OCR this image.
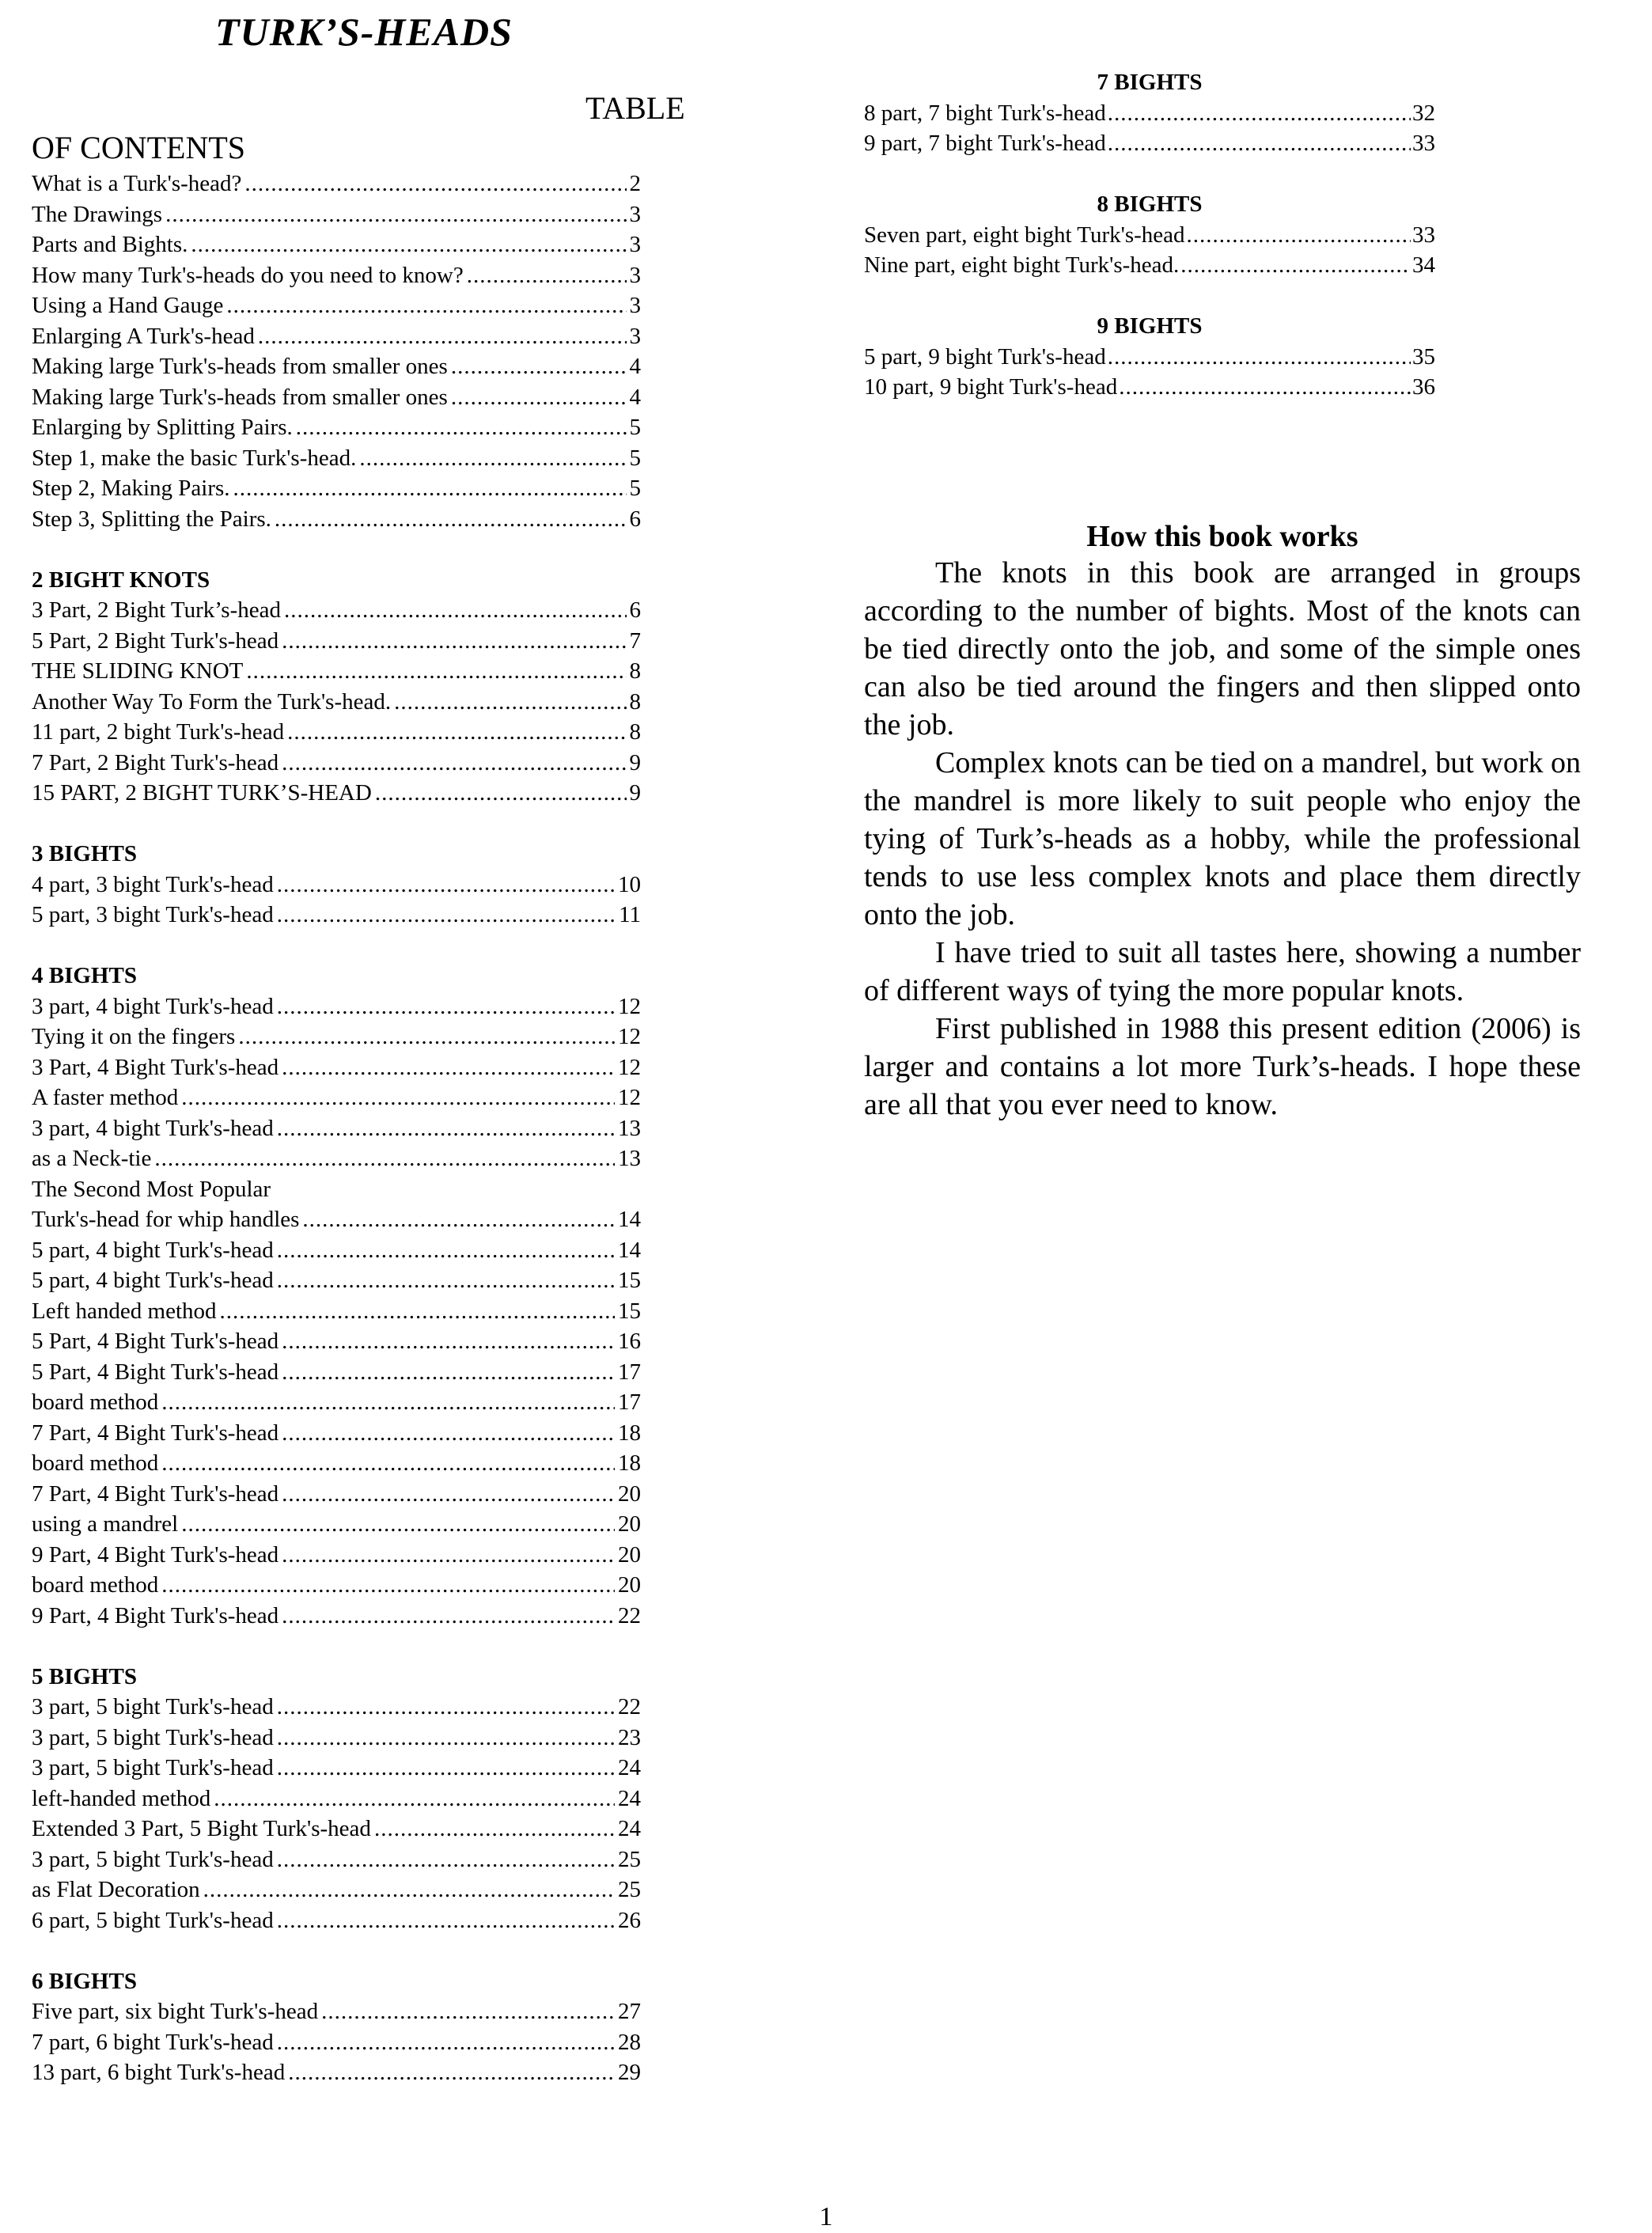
TURK’S-HEADS
TABLE
OF CONTENTS
What is a Turk's-head? .....	2
The Drawings .....	3
Parts and Bights. .....	3
How many Turk's-heads do you need to know? .....	3
Using a Hand Gauge .....	3
Enlarging A Turk's-head .....	3
Making large Turk's-heads from smaller ones .....	4
Making large Turk's-heads from smaller ones .....	4
Enlarging by Splitting Pairs. .....	5
Step 1, make the basic Turk's-head. .....	5
Step 2, Making Pairs. .....	5
Step 3, Splitting the Pairs. .....	6
2 BIGHT KNOTS
3 Part, 2 Bight Turk’s-head .....	6
5 Part, 2 Bight Turk's-head .....	7
THE SLIDING KNOT .....	8
Another Way To Form the Turk's-head. .....	8
11 part, 2 bight Turk's-head .....	8
7 Part, 2 Bight Turk's-head .....	9
15 PART, 2 BIGHT TURK’S-HEAD .....	9
3 BIGHTS
4 part, 3 bight Turk's-head .....	10
5 part, 3 bight Turk's-head .....	11
4 BIGHTS
3 part, 4 bight Turk's-head .....	12
Tying it on the fingers .....	12
3 Part, 4 Bight Turk's-head .....	12
A faster method .....	12
3 part, 4 bight Turk's-head .....	13
as a Neck-tie .....	13
The Second Most Popular
Turk's-head for whip handles .....	14
5 part, 4 bight Turk's-head .....	14
5 part, 4 bight Turk's-head .....	15
Left handed method .....	15
5 Part, 4 Bight Turk's-head .....	16
5 Part, 4 Bight Turk's-head .....	17
board method .....	17
7 Part, 4 Bight Turk's-head .....	18
board method .....	18
7 Part, 4 Bight Turk's-head .....	20
using a mandrel .....	20
9 Part, 4 Bight Turk's-head .....	20
board method .....	20
9 Part, 4 Bight Turk's-head .....	22
5 BIGHTS
3 part, 5 bight Turk's-head .....	22
3 part, 5 bight Turk's-head .....	23
3 part, 5 bight Turk's-head .....	24
left-handed method .....	24
Extended 3 Part, 5 Bight Turk's-head .....	24
3 part, 5 bight Turk's-head .....	25
as Flat Decoration .....	25
6 part, 5 bight Turk's-head .....	26
6 BIGHTS
Five part, six bight Turk's-head .....	27
7 part, 6 bight Turk's-head .....	28
13 part, 6 bight Turk's-head .....	29
7 BIGHTS
8 part, 7 bight Turk's-head .....	32
9 part, 7 bight Turk's-head .....	33
8 BIGHTS
Seven part, eight bight Turk's-head .....	33
Nine part, eight bight Turk's-head. .....	34
9 BIGHTS
5 part, 9 bight Turk's-head .....	35
10 part, 9 bight Turk's-head .....	36
How this book works

The knots in this book are arranged in groups according to the number of bights. Most of the knots can be tied directly onto the job, and some of the simple ones can also be tied around the fingers and then slipped onto the job.

Complex knots can be tied on a mandrel, but work on the mandrel is more likely to suit people who enjoy the tying of Turk’s-heads as a hobby, while the professional tends to use less complex knots and place them directly onto the job.

I have tried to suit all tastes here, showing a number of different ways of tying the more popular knots.

First published in 1988 this present edition (2006) is larger and contains a lot more Turk’s-heads. I hope these are all that you ever need to know.

1
